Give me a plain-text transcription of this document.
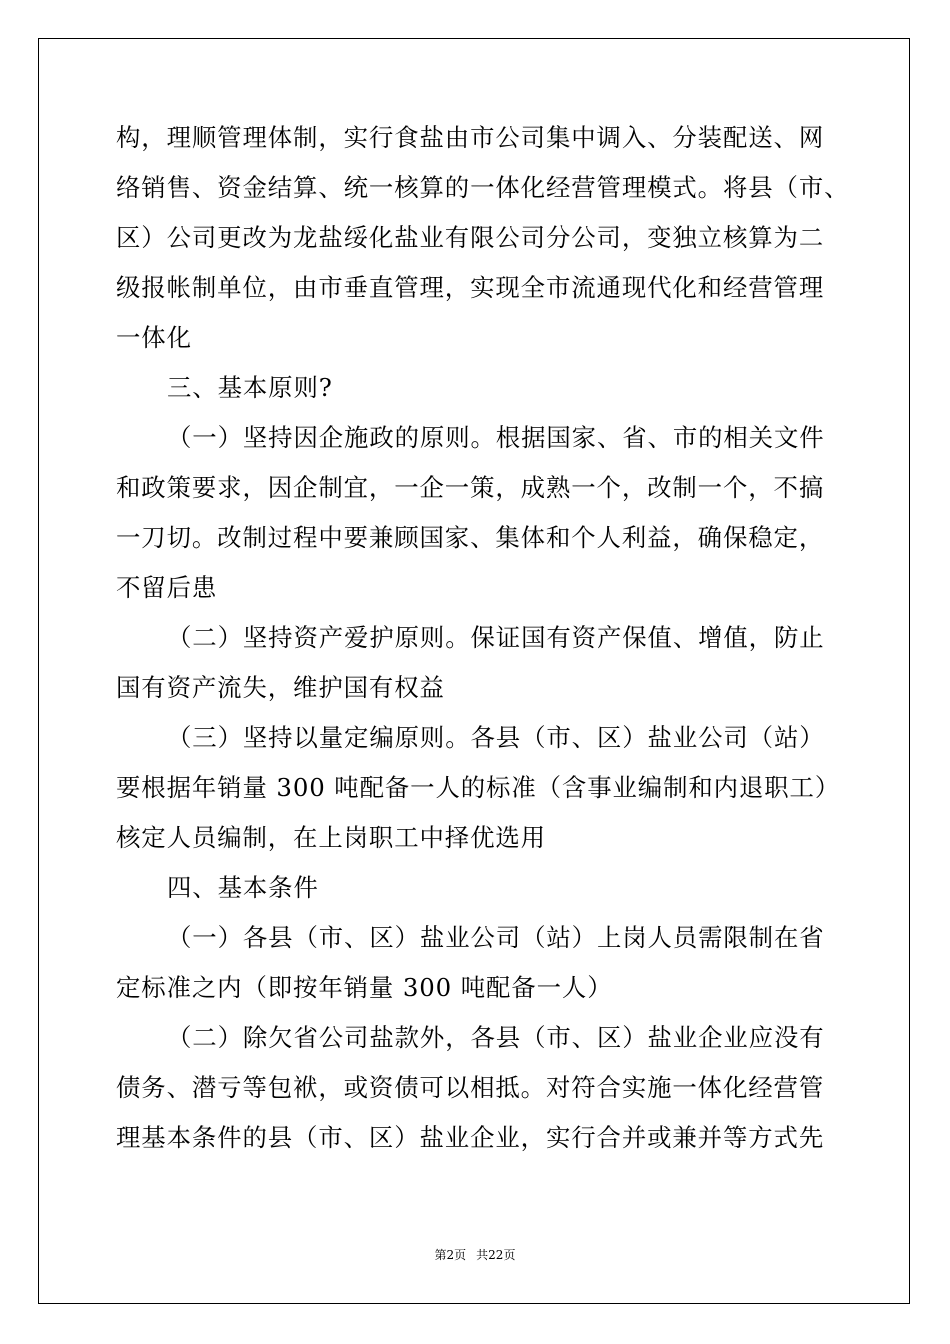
构，理顺管理体制，实行食盐由市公司集中调入、分装配送、网
络销售、资金结算、统一核算的一体化经营管理模式。将县（市、
区）公司更改为龙盐绥化盐业有限公司分公司，变独立核算为二
级报帐制单位，由市垂直管理，实现全市流通现代化和经营管理
一体化
三、基本原则?
（一）坚持因企施政的原则。根据国家、省、市的相关文件
和政策要求，因企制宜，一企一策，成熟一个，改制一个，不搞
一刀切。改制过程中要兼顾国家、集体和个人利益，确保稳定，
不留后患
（二）坚持资产爱护原则。保证国有资产保值、增值，防止
国有资产流失，维护国有权益
（三）坚持以量定编原则。各县（市、区）盐业公司（站）
要根据年销量 300 吨配备一人的标准（含事业编制和内退职工）
核定人员编制，在上岗职工中择优选用
四、基本条件
（一）各县（市、区）盐业公司（站）上岗人员需限制在省
定标准之内（即按年销量 300 吨配备一人）
（二）除欠省公司盐款外，各县（市、区）盐业企业应没有
债务、潜亏等包袱，或资债可以相抵。对符合实施一体化经营管
理基本条件的县（市、区）盐业企业，实行合并或兼并等方式先
第2页 共22页
